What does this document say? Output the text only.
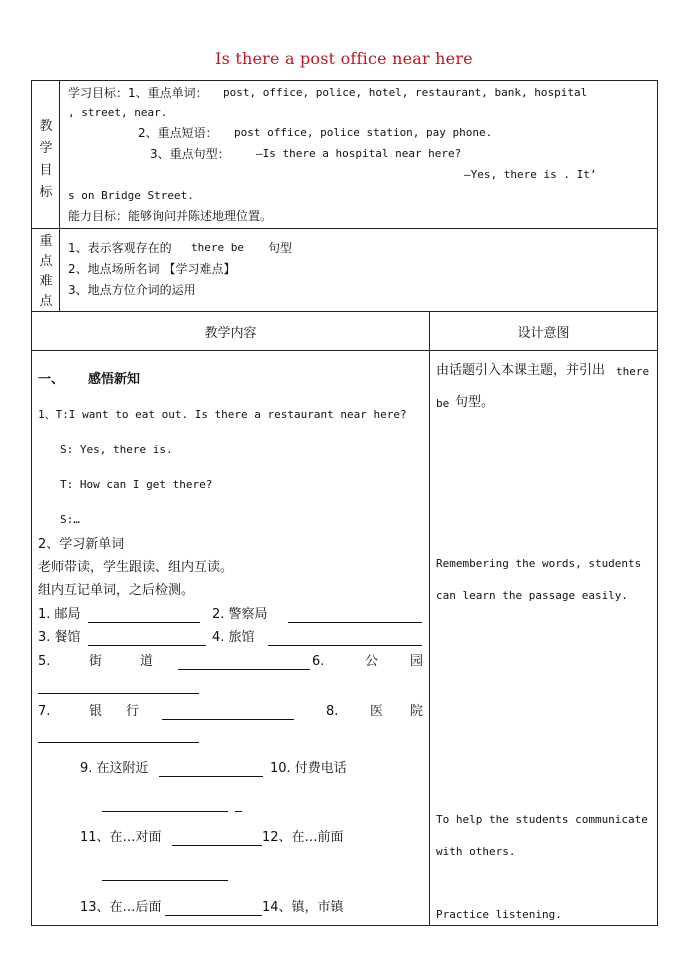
Is there a post office near here
教
学
目
标
学习目标：1、重点单词： post, office, police, hotel, restaurant, bank, hospital
, street, near.
2、重点短语： post office, police station, pay phone.
3、重点句型： —Is there a hospital near here?
—Yes, there is . It’
s on Bridge Street.
能力目标：能够询问并陈述地理位置。
重
点
难
点
1、表示客观存在的 there be 句型
2、地点场所名词 【学习难点】
3、地点方位介词的运用
教学内容	设计意图
一、 感悟新知
1、T:I want to eat out. Is there a restaurant near here?
S: Yes, there is.
T: How can I get there?
S:…
2、学习新单词
老师带读，学生跟读、组内互读。
组内互记单词，之后检测。
1. 邮局	2. 警察局
3. 餐馆	4. 旅馆
5.	街	道	6.	公 园
7.	银 行	8. 医 院
9. 在这附近	10. 付费电话
11、在…对面	12、在…前面
13、在…后面	14、镇，市镇
由话题引入本课主题，并引出 there
be 句型。
Remembering the words, students
can learn the passage easily.
To help the students communicate
with others.
Practice listening.
